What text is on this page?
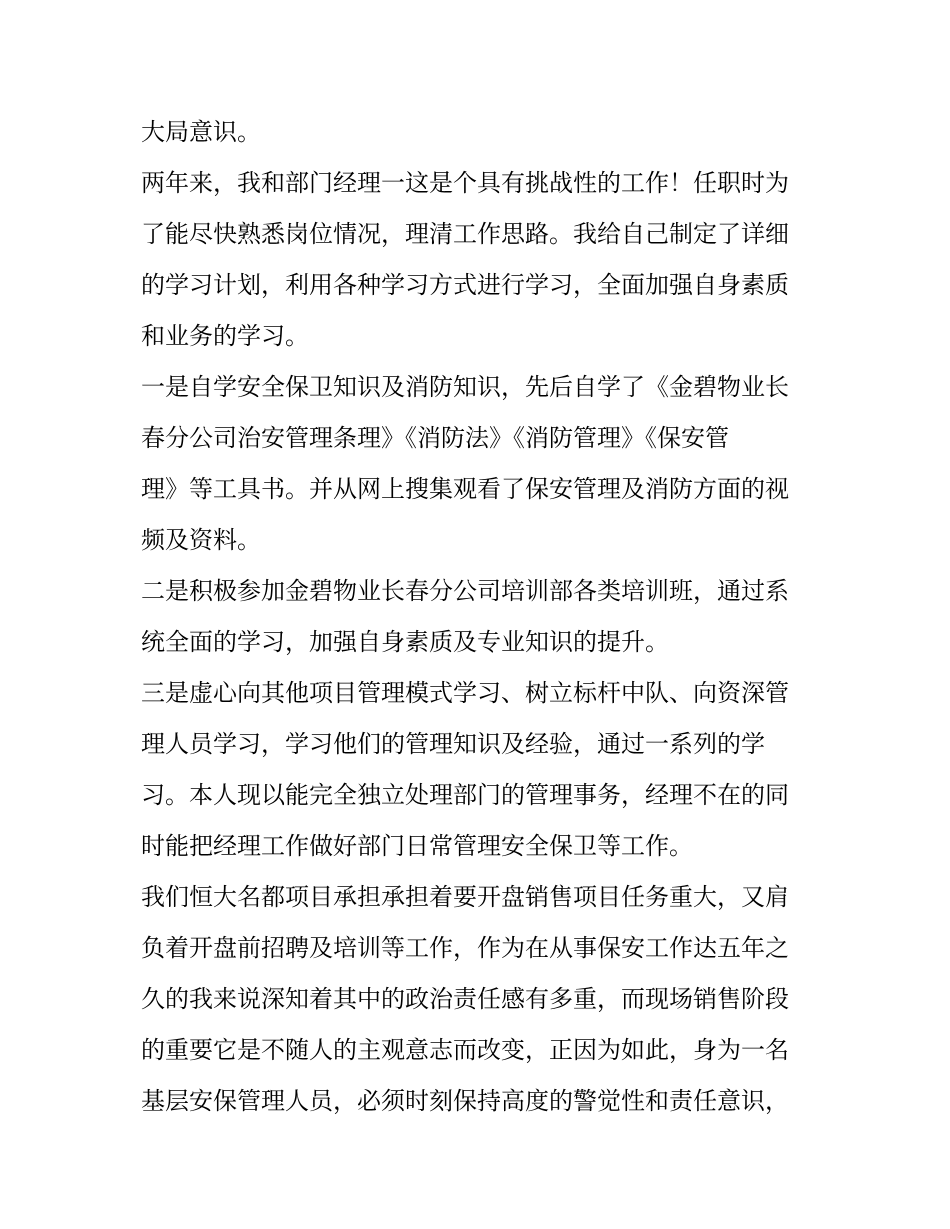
大局意识。
两年来，我和部门经理一这是个具有挑战性的工作！任职时为
了能尽快熟悉岗位情况，理清工作思路。我给自己制定了详细
的学习计划，利用各种学习方式进行学习，全面加强自身素质
和业务的学习。
一是自学安全保卫知识及消防知识，先后自学了《金碧物业长
春分公司治安管理条理》《消防法》《消防管理》《保安管
理》等工具书。并从网上搜集观看了保安管理及消防方面的视
频及资料。
二是积极参加金碧物业长春分公司培训部各类培训班，通过系
统全面的学习，加强自身素质及专业知识的提升。
三是虚心向其他项目管理模式学习、树立标杆中队、向资深管
理人员学习，学习他们的管理知识及经验，通过一系列的学
习。本人现以能完全独立处理部门的管理事务，经理不在的同
时能把经理工作做好部门日常管理安全保卫等工作。
我们恒大名都项目承担承担着要开盘销售项目任务重大，又肩
负着开盘前招聘及培训等工作，作为在从事保安工作达五年之
久的我来说深知着其中的政治责任感有多重，而现场销售阶段
的重要它是不随人的主观意志而改变，正因为如此，身为一名
基层安保管理人员，必须时刻保持高度的警觉性和责任意识，
